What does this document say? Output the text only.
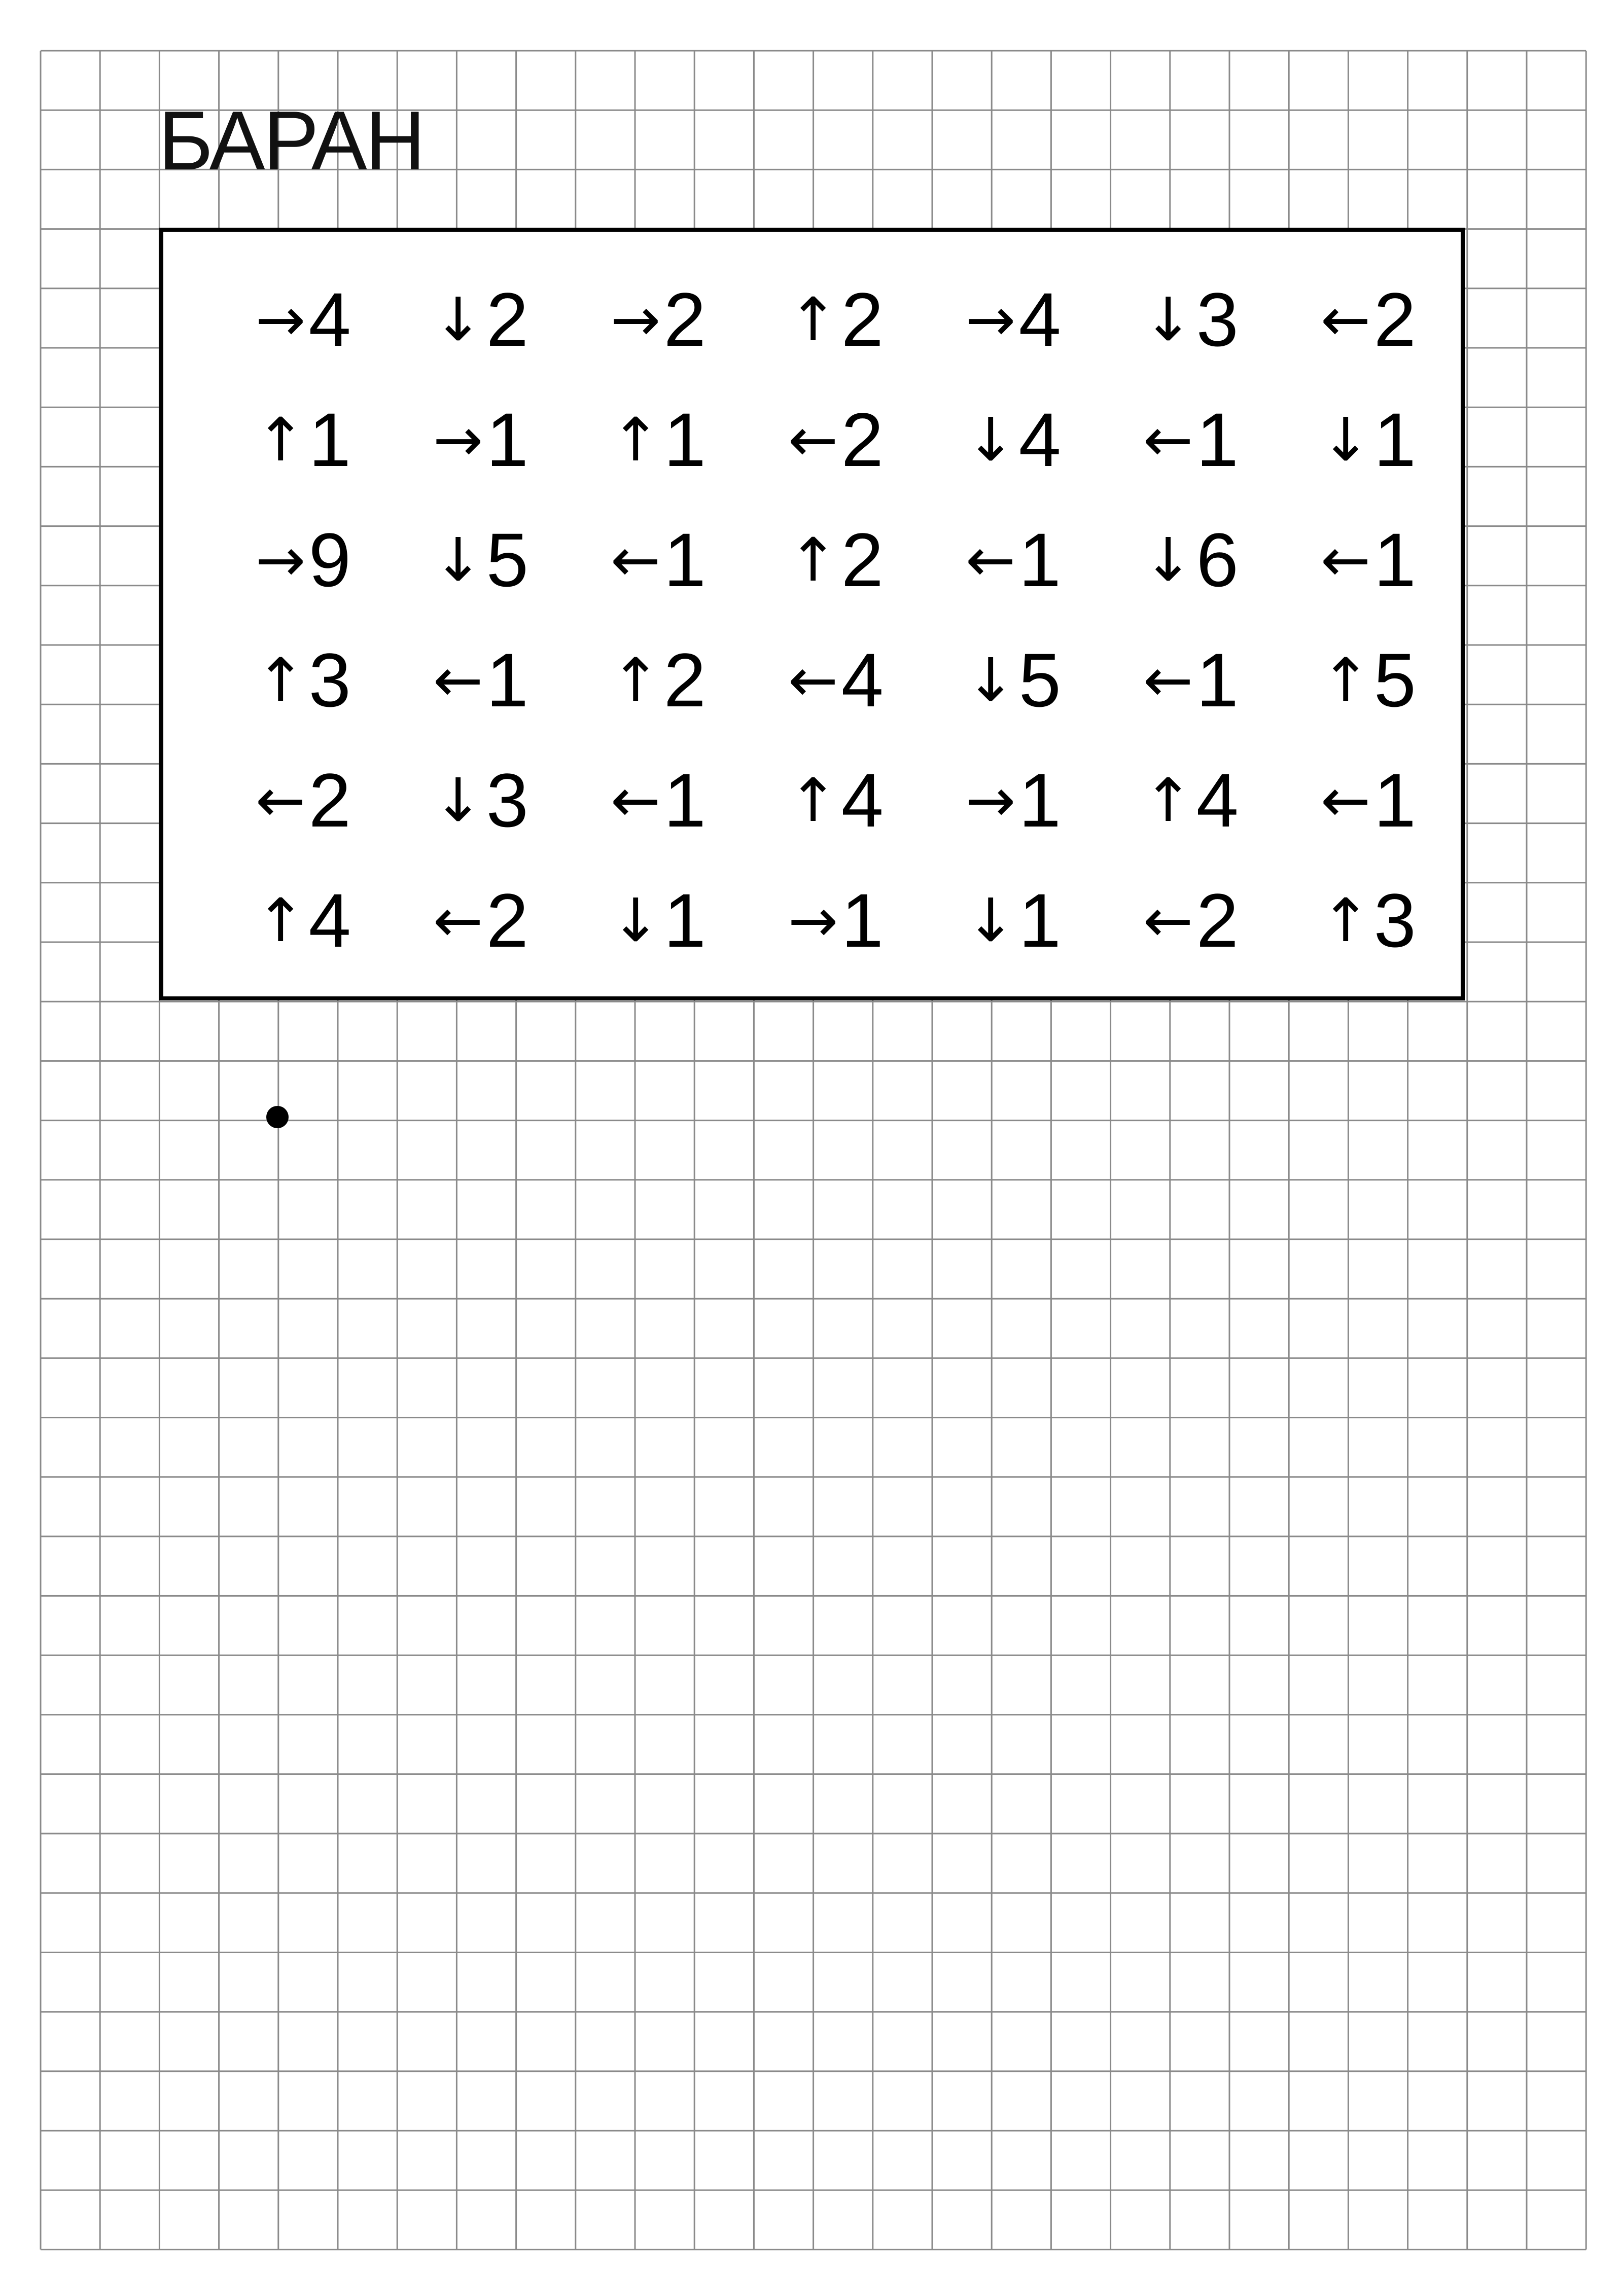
БАРАН
→ 4 ↓ 2 → 2 ↑ 2 → 4 ↓ 3 ← 2
↑ 1 → 1 ↑ 1 ← 2 ↓ 4 ← 1 ↓ 1
→ 9 ↓ 5 ← 1 ↑ 2 ← 1 ↓ 6 ← 1
↑ 3 ← 1 ↑ 2 ← 4 ↓ 5 ← 1 ↑ 5
← 2 ↓ 3 ← 1 ↑ 4 → 1 ↑ 4 ← 1
↑ 4 ← 2 ↓ 1 → 1 ↓ 1 ← 2 ↑ 3
